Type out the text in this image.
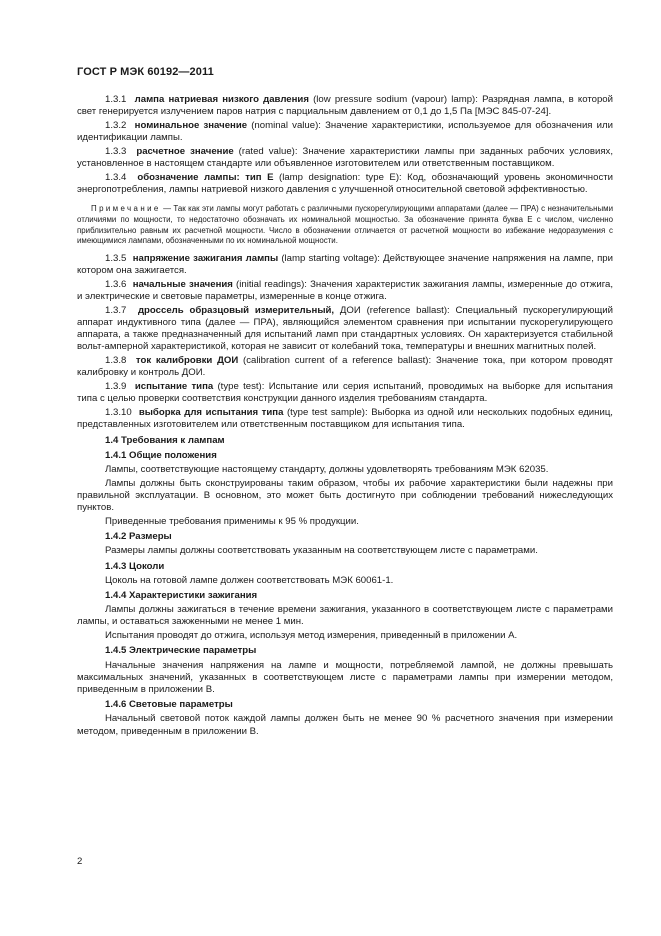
ГОСТ Р МЭК 60192—2011

1.3.1 лампа натриевая низкого давления (low pressure sodium (vapour) lamp): Разрядная лампа, в которой свет генерируется излучением паров натрия с парциальным давлением от 0,1 до 1,5 Па [МЭС 845-07-24].

1.3.2 номинальное значение (nominal value): Значение характеристики, используемое для обозначения или идентификации лампы.

1.3.3 расчетное значение (rated value): Значение характеристики лампы при заданных рабочих условиях, установленное в настоящем стандарте или объявленное изготовителем или ответственным поставщиком.

1.3.4 обозначение лампы: тип Е (lamp designation: type E): Код, обозначающий уровень экономичности энергопотребления, лампы натриевой низкого давления с улучшенной относительной световой эффективностью.

Примечание — Так как эти лампы могут работать с различными пускорегулирующими аппаратами (далее — ПРА) с незначительными отличиями по мощности, то недостаточно обозначать их номинальной мощностью. За обозначение принята буква Е с числом, численно приблизительно равным их расчетной мощности. Число в обозначении отличается от расчетной мощности во избежание недоразумения с имеющимися лампами, обозначенными по их номинальной мощности.

1.3.5 напряжение зажигания лампы (lamp starting voltage): Действующее значение напряжения на лампе, при котором она зажигается.

1.3.6 начальные значения (initial readings): Значения характеристик зажигания лампы, измеренные до отжига, и электрические и световые параметры, измеренные в конце отжига.

1.3.7 дроссель образцовый измерительный, ДОИ (reference ballast): Специальный пускорегулирующий аппарат индуктивного типа (далее — ПРА), являющийся элементом сравнения при испытании пускорегулирующего аппарата, а также предназначенный для испытаний ламп при стандартных условиях. Он характеризуется стабильной вольт-амперной характеристикой, которая не зависит от колебаний тока, температуры и внешних магнитных полей.

1.3.8 ток калибровки ДОИ (calibration current of a reference ballast): Значение тока, при котором проводят калибровку и контроль ДОИ.

1.3.9 испытание типа (type test): Испытание или серия испытаний, проводимых на выборке для испытания типа с целью проверки соответствия конструкции данного изделия требованиям стандарта.

1.3.10 выборка для испытания типа (type test sample): Выборка из одной или нескольких подобных единиц, представленных изготовителем или ответственным поставщиком для испытания типа.

1.4 Требования к лампам
1.4.1 Общие положения

Лампы, соответствующие настоящему стандарту, должны удовлетворять требованиям МЭК 62035.

Лампы должны быть сконструированы таким образом, чтобы их рабочие характеристики были надежны при правильной эксплуатации. В основном, это может быть достигнуто при соблюдении требований нижеследующих пунктов.

Приведенные требования применимы к 95 % продукции.

1.4.2 Размеры

Размеры лампы должны соответствовать указанным на соответствующем листе с параметрами.

1.4.3 Цоколи

Цоколь на готовой лампе должен соответствовать МЭК 60061-1.

1.4.4 Характеристики зажигания

Лампы должны зажигаться в течение времени зажигания, указанного в соответствующем листе с параметрами лампы, и оставаться зажженными не менее 1 мин.

Испытания проводят до отжига, используя метод измерения, приведенный в приложении А.

1.4.5 Электрические параметры

Начальные значения напряжения на лампе и мощности, потребляемой лампой, не должны превышать максимальных значений, указанных в соответствующем листе с параметрами лампы при измерении методом, приведенным в приложении В.

1.4.6 Световые параметры

Начальный световой поток каждой лампы должен быть не менее 90 % расчетного значения при измерении методом, приведенным в приложении В.

2
